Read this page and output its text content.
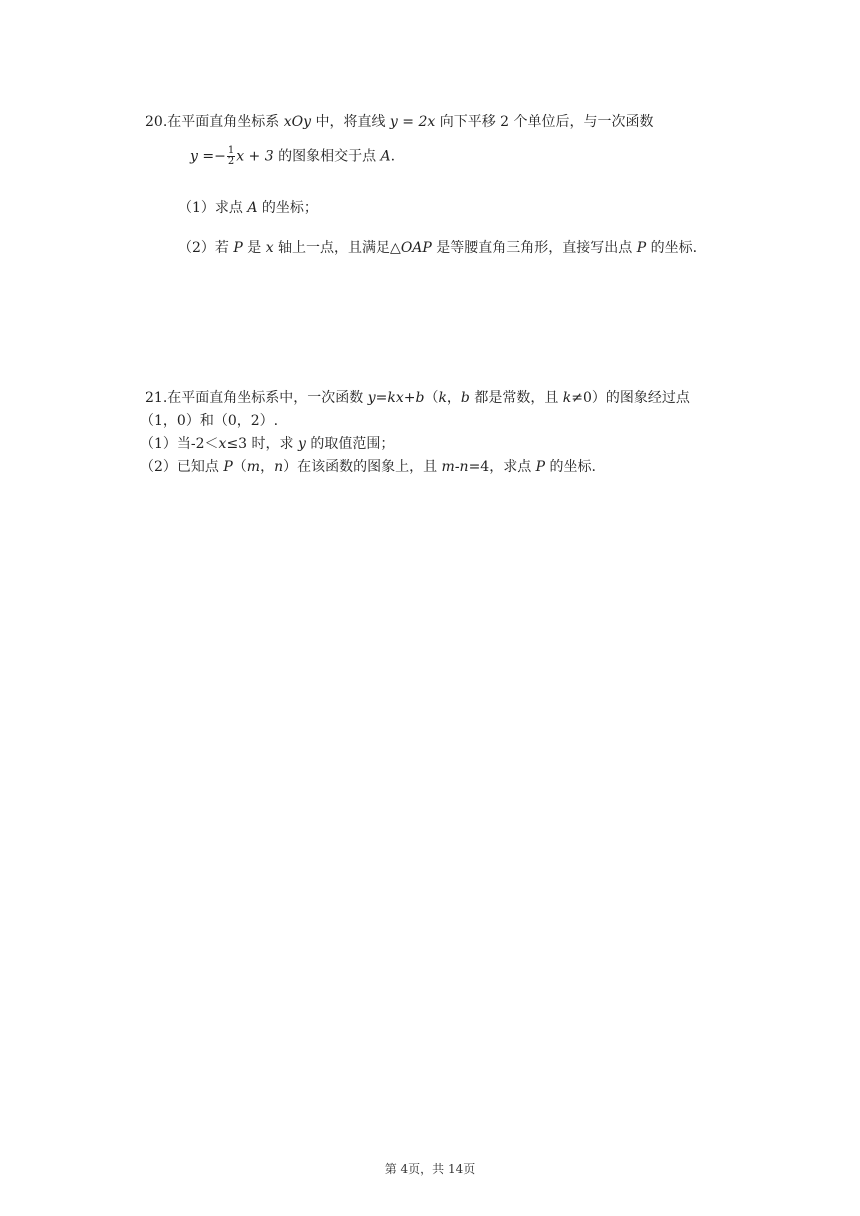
20.在平面直角坐标系 xOy 中，将直线 y = 2x 向下平移 2 个单位后，与一次函数
$y =- \frac{1}{2}$ x + 3 的图象相交于点 A.
（1）求点 A 的坐标；
（2）若 P 是 x 轴上一点，且满足△OAP 是等腰直角三角形，直接写出点 P 的坐标.
21.在平面直角坐标系中，一次函数 y=kx+b（k，b 都是常数，且 k≠0）的图象经过点
（1，0）和（0，2）.
（1）当-2＜x≤3 时，求 y 的取值范围；
（2）已知点 P（m，n）在该函数的图象上，且 m-n=4，求点 P 的坐标.
第 4页，共 14页
